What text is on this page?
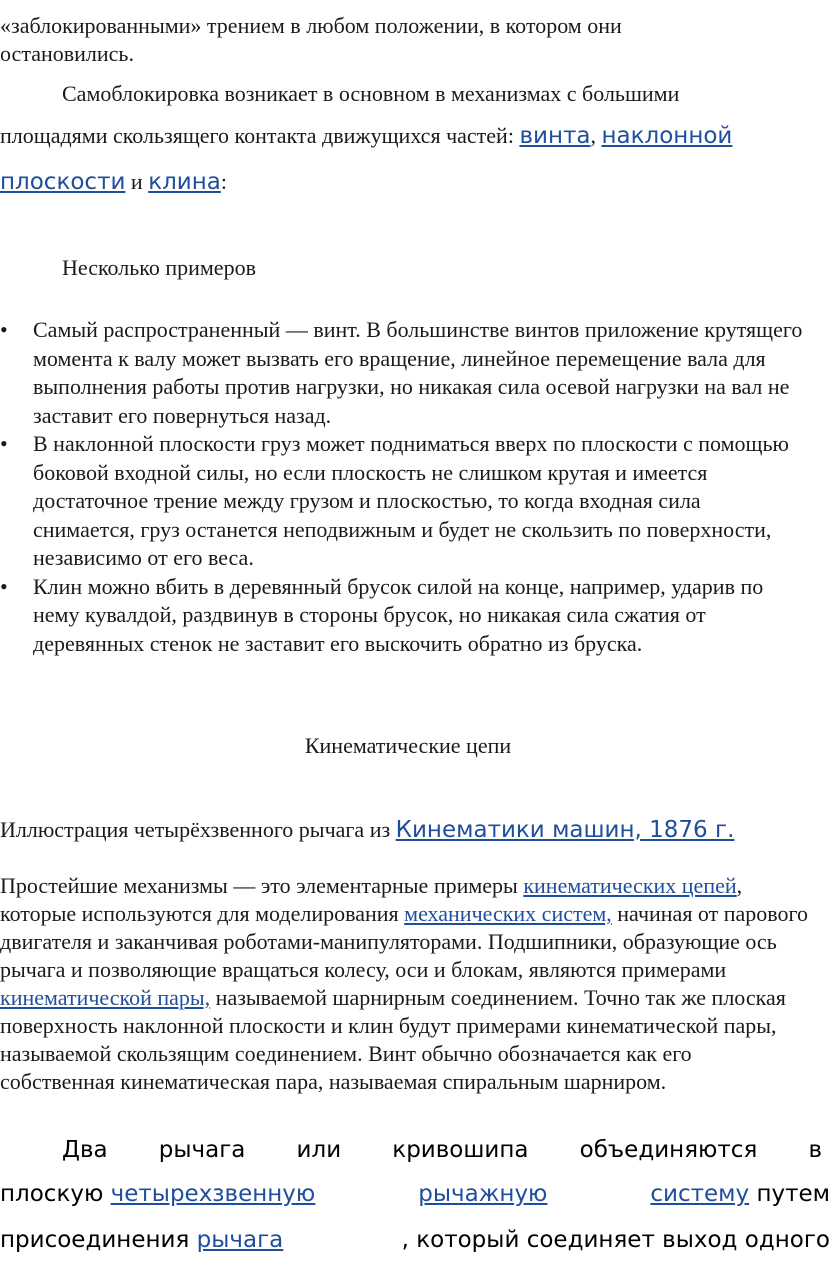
«заблокированными» трением в любом положении, в котором они
остановились.
Самоблокировка возникает в основном в механизмах с большими
площадями скользящего контакта движущихся частей: винта, наклонной
плоскости и клина:
Несколько примеров
• Самый распространенный — винт. В большинстве винтов приложение крутящего момента к валу может вызвать его вращение, линейное перемещение вала для выполнения работы против нагрузки, но никакая сила осевой нагрузки на вал не заставит его повернуться назад.
• В наклонной плоскости груз может подниматься вверх по плоскости с помощью боковой входной силы, но если плоскость не слишком крутая и имеется достаточное трение между грузом и плоскостью, то когда входная сила снимается, груз останется неподвижным и будет не скользить по поверхности, независимо от его веса.
• Клин можно вбить в деревянный брусок силой на конце, например, ударив по нему кувалдой, раздвинув в стороны брусок, но никакая сила сжатия от деревянных стенок не заставит его выскочить обратно из бруска.
Кинематические цепи
Иллюстрация четырёхзвенного рычага из Кинематики машин, 1876 г.
Простейшие механизмы — это элементарные примеры кинематических цепей, которые используются для моделирования механических систем, начиная от парового двигателя и заканчивая роботами-манипуляторами. Подшипники, образующие ось рычага и позволяющие вращаться колесу, оси и блокам, являются примерами кинематической пары, называемой шарнирным соединением. Точно так же плоская поверхность наклонной плоскости и клин будут примерами кинематической пары, называемой скользящим соединением. Винт обычно обозначается как его собственная кинематическая пара, называемая спиральным шарниром.
Два рычага или кривошипа объединяются в
плоскую четырехзвенную	рычажную	систему путем
присоединения рычага	, который соединяет выход одного
